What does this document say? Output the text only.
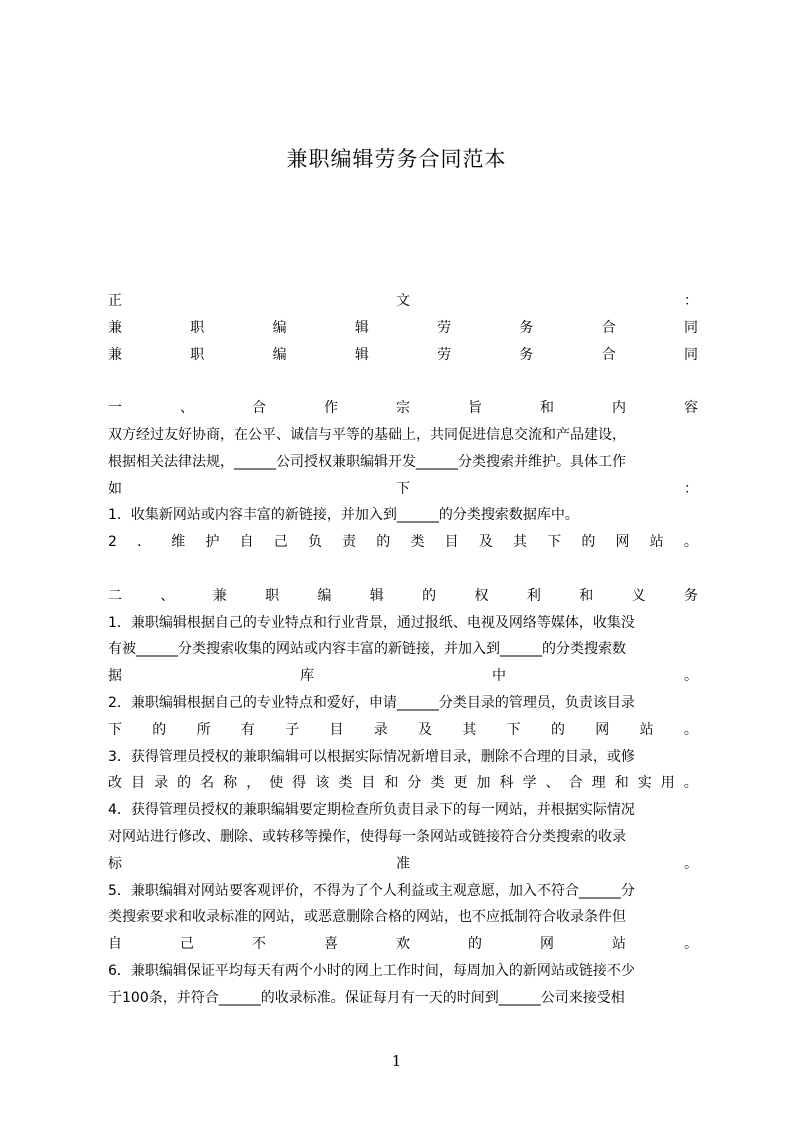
兼职编辑劳务合同范本
正	文	：
兼	职	编	辑	劳	务	合	同
兼	职	编	辑	劳	务	合	同
一	、	合	作	宗	旨	和	内	容
双方经过友好协商，在公平、诚信与平等的基础上，共同促进信息交流和产品建设，
根据相关法律法规，______公司授权兼职编辑开发______分类搜索并维护。具体工作
如	下	：
1．收集新网站或内容丰富的新链接，并加入到______的分类搜索数据库中。
2 ． 维 护 自 己 负 责 的 类 目 及 其 下 的 网 站 。
二	、	兼	职	编	辑	的	权	利	和	义	务
1．兼职编辑根据自己的专业特点和行业背景，通过报纸、电视及网络等媒体，收集没
有被______分类搜索收集的网站或内容丰富的新链接，并加入到______的分类搜索数
据	库	中	。
2．兼职编辑根据自己的专业特点和爱好，申请______分类目录的管理员，负责该目录
下 的 所 有 子 目 录 及 其 下 的 网 站 。
3．获得管理员授权的兼职编辑可以根据实际情况新增目录，删除不合理的目录，或修
改 目 录 的 名 称 ， 使 得 该 类 目 和 分 类 更 加 科 学 、 合 理 和 实 用 。
4．获得管理员授权的兼职编辑要定期检查所负责目录下的每一网站，并根据实际情况
对网站进行修改、删除、或转移等操作，使得每一条网站或链接符合分类搜索的收录
标	准	。
5．兼职编辑对网站要客观评价，不得为了个人利益或主观意愿，加入不符合______分
类搜索要求和收录标准的网站，或恶意删除合格的网站，也不应抵制符合收录条件但
自	己	不	喜	欢	的	网	站	。
6．兼职编辑保证平均每天有两个小时的网上工作时间，每周加入的新网站或链接不少
于100条，并符合______的收录标准。保证每月有一天的时间到______公司来接受相
1
